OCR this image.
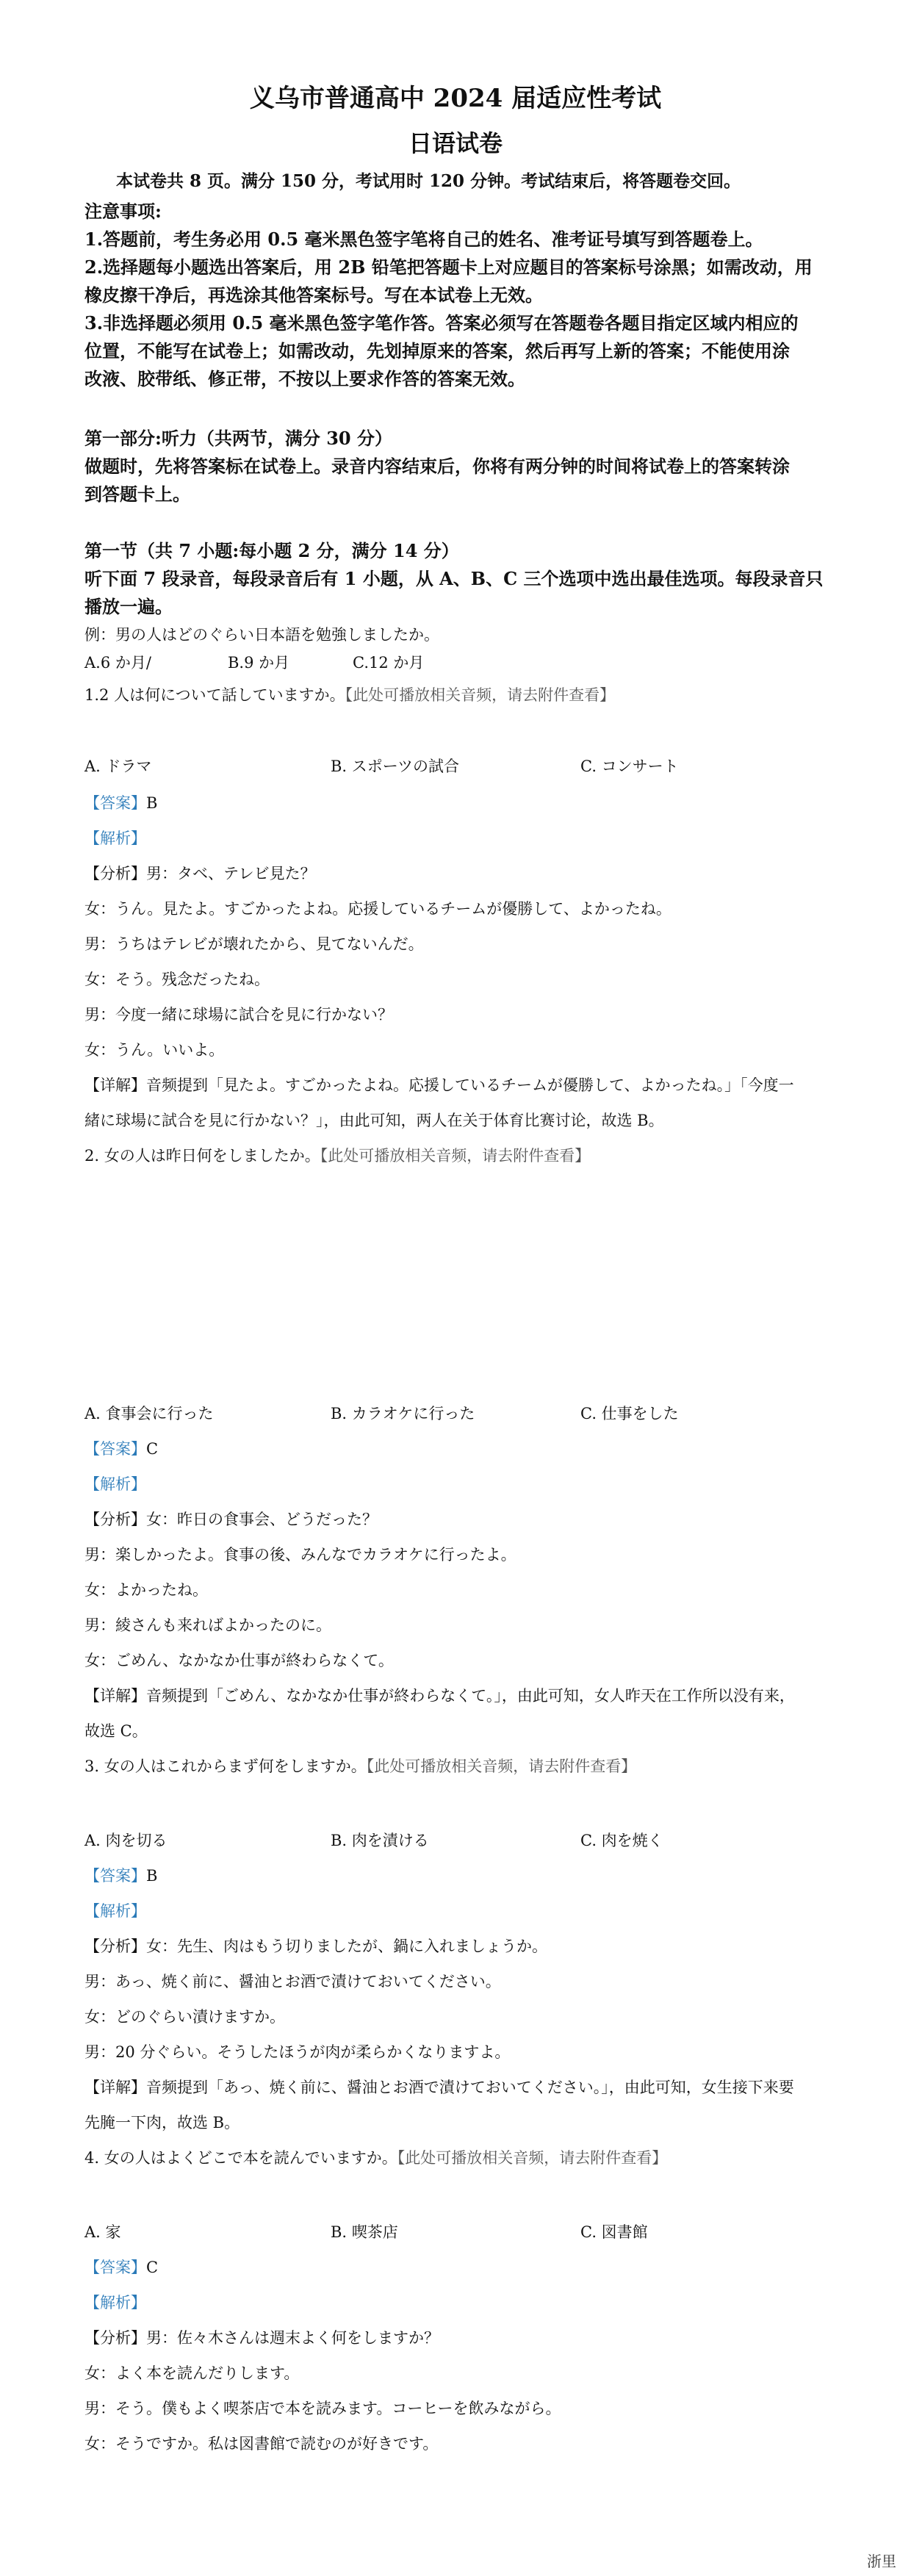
义乌市普通高中 2024 届适应性考试
日语试卷
本试卷共 8 页。满分 150 分，考试用时 120 分钟。考试结束后，将答题卷交回。
注意事项:
1.答题前，考生务必用 0.5 毫米黑色签字笔将自己的姓名、准考证号填写到答题卷上。
2.选择题每小题选出答案后，用 2B 铅笔把答题卡上对应题目的答案标号涂黑；如需改动，用
橡皮擦干净后，再选涂其他答案标号。写在本试卷上无效。
3.非选择题必须用 0.5 毫米黑色签字笔作答。答案必须写在答题卷各题目指定区域内相应的
位置，不能写在试卷上；如需改动，先划掉原来的答案，然后再写上新的答案；不能使用涂
改液、胶带纸、修正带，不按以上要求作答的答案无效。
第一部分:听力（共两节，满分 30 分）
做题时，先将答案标在试卷上。录音内容结束后，你将有两分钟的时间将试卷上的答案转涂
到答题卡上。
第一节（共 7 小题:每小题 2 分，满分 14 分）
听下面 7 段录音，每段录音后有 1 小题，从 A、B、C 三个选项中选出最佳选项。每段录音只
播放一遍。
例：男の人はどのぐらい日本語を勉強しましたか。
A.6 か月/	B.9 か月	C.12 か月
1.2 人は何について話していますか。【此处可播放相关音频，请去附件查看】
A. ドラマ	B. スポーツの試合	C. コンサート
【答案】B
【解析】
【分析】男：タベ、テレビ見た？
女：うん。見たよ。すごかったよね。応援しているチームが優勝して、よかったね。
男：うちはテレビが壊れたから、見てないんだ。
女：そう。残念だったね。
男：今度一緒に球場に試合を見に行かない？
女：うん。いいよ。
【详解】音频提到「見たよ。すごかったよね。応援しているチームが優勝して、よかったね。」「今度一
緒に球場に試合を見に行かない？」，由此可知，两人在关于体育比赛讨论，故选 B。
2. 女の人は昨日何をしましたか。【此处可播放相关音频，请去附件查看】
A. 食事会に行った	B. カラオケに行った	C. 仕事をした
【答案】C
【解析】
【分析】女：昨日の食事会、どうだった？
男：楽しかったよ。食事の後、みんなでカラオケに行ったよ。
女：よかったね。
男：綾さんも来ればよかったのに。
女：ごめん、なかなか仕事が終わらなくて。
【详解】音频提到「ごめん、なかなか仕事が終わらなくて。」，由此可知，女人昨天在工作所以没有来，
故选 C。
3. 女の人はこれからまず何をしますか。【此处可播放相关音频，请去附件查看】
A. 肉を切る	B. 肉を漬ける	C. 肉を焼く
【答案】B
【解析】
【分析】女：先生、肉はもう切りましたが、鍋に入れましょうか。
男：あっ、焼く前に、醤油とお酒で漬けておいてください。
女：どのぐらい漬けますか。
男：20 分ぐらい。そうしたほうが肉が柔らかくなりますよ。
【详解】音频提到「あっ、焼く前に、醤油とお酒で漬けておいてください。」，由此可知，女生接下来要
先腌一下肉，故选 B。
4. 女の人はよくどこで本を読んでいますか。【此处可播放相关音频，请去附件查看】
A. 家	B. 喫茶店	C. 図書館
【答案】C
【解析】
【分析】男：佐々木さんは週末よく何をしますか？
女：よく本を読んだりします。
男：そう。僕もよく喫茶店で本を読みます。コーヒーを飲みながら。
女：そうですか。私は図書館で読むのが好きです。
浙里
